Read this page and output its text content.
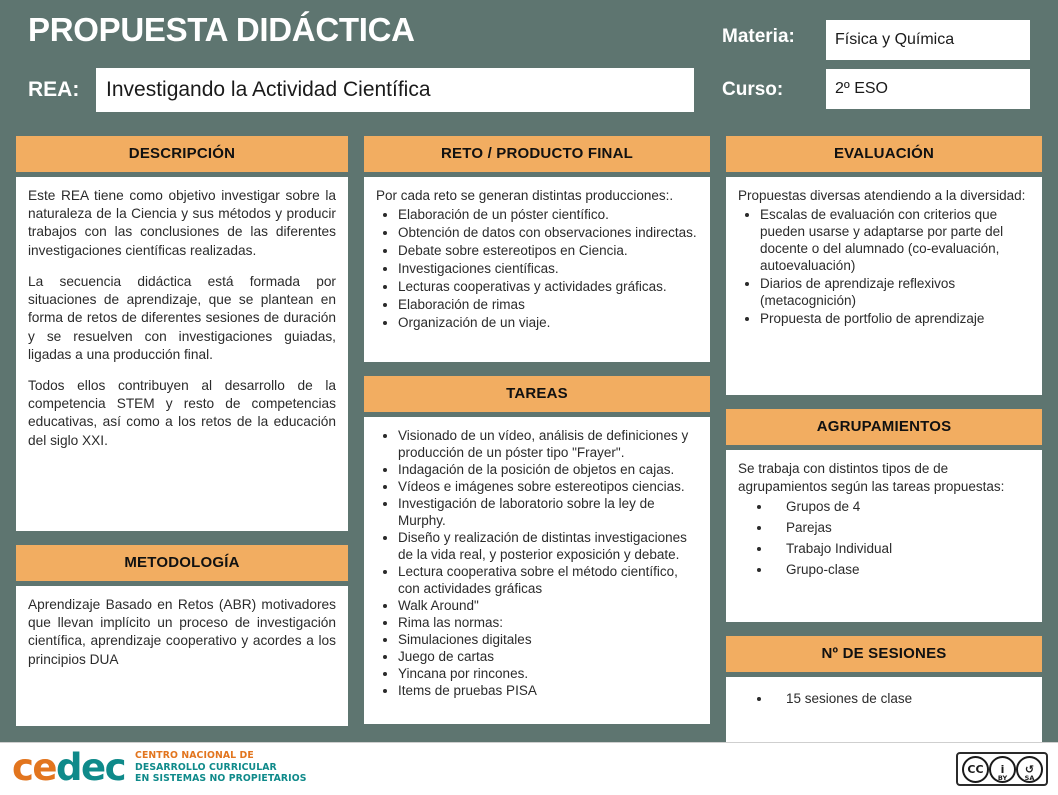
PROPUESTA DIDÁCTICA
REA: Investigando la Actividad Científica
Materia:	Física y Química
Curso:	2º ESO
DESCRIPCIÓN

Este REA tiene como objetivo investigar sobre la naturaleza de la Ciencia y sus métodos y producir trabajos con las conclusiones de las diferentes investigaciones científicas realizadas.

La secuencia didáctica está formada por situaciones de aprendizaje, que se plantean en forma de retos de diferentes sesiones de duración y se resuelven con investigaciones guiadas, ligadas a una producción final.

Todos ellos contribuyen al desarrollo de la competencia STEM y resto de competencias educativas, así como a los retos de la educación del siglo XXI.

METODOLOGÍA

Aprendizaje Basado en Retos (ABR) motivadores que llevan implícito un proceso de investigación científica, aprendizaje cooperativo y acordes a los principios DUA

RETO / PRODUCTO FINAL
Por cada reto se generan distintas producciones:.
• Elaboración de un póster científico.
• Obtención de datos con observaciones indirectas.
• Debate sobre estereotipos en Ciencia.
• Investigaciones científicas.
• Lecturas cooperativas y actividades gráficas.
• Elaboración de rimas
• Organización de un viaje.
TAREAS
• Visionado de un vídeo, análisis de definiciones y producción de un póster tipo "Frayer".
• Indagación de la posición de objetos en cajas.
• Vídeos e imágenes sobre estereotipos ciencias.
• Investigación de laboratorio sobre la ley de Murphy.
• Diseño y realización de distintas investigaciones de la vida real, y posterior exposición y debate.
• Lectura cooperativa sobre el método científico, con actividades gráficas
• Walk Around"
• Rima las normas:
• Simulaciones digitales
• Juego de cartas
• Yincana por rincones.
• Items de pruebas PISA
EVALUACIÓN
Propuestas diversas atendiendo a la diversidad:
• Escalas de evaluación con criterios que pueden usarse y adaptarse por parte del docente o del alumnado (co-evaluación, autoevaluación)
• Diarios de aprendizaje reflexivos (metacognición)
• Propuesta de portfolio de aprendizaje
AGRUPAMIENTOS
Se trabaja con distintos tipos de de agrupamientos según las tareas propuestas:
• Grupos de 4
• Parejas
• Trabajo Individual
• Grupo-clase
Nº DE SESIONES
• 15 sesiones de clase
cedec CENTRO NACIONAL DE
DESARROLLO CURRICULAR
EN SISTEMAS NO PROPIETARIOS
CC	i
BY
↺
SA
